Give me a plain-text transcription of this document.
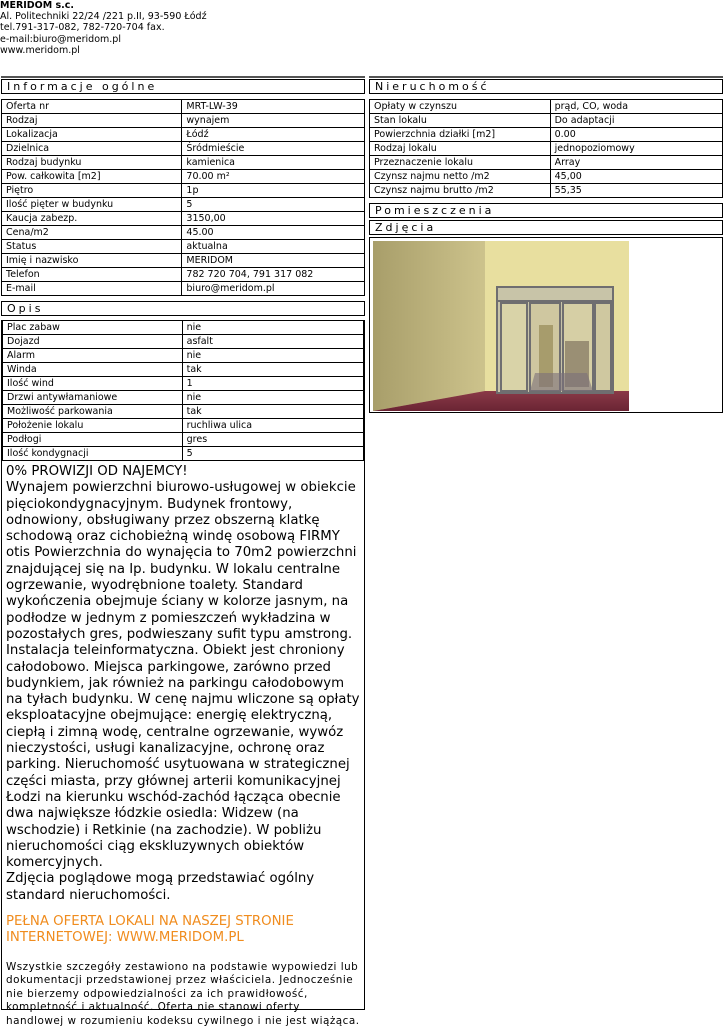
MERIDOM s.c.
Al. Politechniki 22/24 /221 p.II, 93-590 Łódź
tel.791-317-082, 782-720-704 fax.
e-mail:biuro@meridom.pl
www.meridom.pl
Informacje ogólne
Oferta nr	MRT-LW-39
Rodzaj	wynajem
Lokalizacja	Łódź
Dzielnica	Śródmieście
Rodzaj budynku	kamienica
Pow. całkowita [m2]	70.00 m²
Piętro	1p
Ilość pięter w budynku	5
Kaucja zabezp.	3150,00
Cena/m2	45.00
Status	aktualna
Imię i nazwisko	MERIDOM
Telefon	782 720 704, 791 317 082
E-mail	biuro@meridom.pl
Opis
Plac zabaw	nie
Dojazd	asfalt
Alarm	nie
Winda	tak
Ilość wind	1
Drzwi antywłamaniowe	nie
Możliwość parkowania	tak
Położenie lokalu	ruchliwa ulica
Podłogi	gres
Ilość kondygnacji	5
0% PROWIZJI OD NAJEMCY!
Wynajem powierzchni biurowo-usługowej w obiekcie pięciokondygnacyjnym. Budynek frontowy, odnowiony, obsługiwany przez obszerną klatkę schodową oraz cichobieżną windę osobową FIRMY otis Powierzchnia do wynajęcia to 70m2 powierzchni znajdującej się na Ip. budynku. W lokalu centralne ogrzewanie, wyodrębnione toalety. Standard wykończenia obejmuje ściany w kolorze jasnym, na podłodze w jednym z pomieszczeń wykładzina w pozostałych gres, podwieszany sufit typu amstrong. Instalacja teleinformatyczna. Obiekt jest chroniony całodobowo. Miejsca parkingowe, zarówno przed budynkiem, jak również na parkingu całodobowym na tyłach budynku. W cenę najmu wliczone są opłaty eksploatacyjne obejmujące: energię elektryczną, ciepłą i zimną wodę, centralne ogrzewanie, wywóz nieczystości, usługi kanalizacyjne, ochronę oraz parking. Nieruchomość usytuowana w strategicznej części miasta, przy głównej arterii komunikacyjnej Łodzi na kierunku wschód-zachód łącząca obecnie dwa największe łódzkie osiedla: Widzew (na wschodzie) i Retkinie (na zachodzie). W pobliżu nieruchomości ciąg ekskluzywnych obiektów komercyjnych.
Zdjęcia poglądowe mogą przedstawiać ogólny standard nieruchomości.
PEŁNA OFERTA LOKALI NA NASZEJ STRONIE INTERNETOWEJ: WWW.MERIDOM.PL
Wszystkie szczegóły zestawiono na podstawie wypowiedzi lub dokumentacji przedstawionej przez właściciela. Jednocześnie nie bierzemy odpowiedzialności za ich prawidłowość, kompletność i aktualność. Oferta nie stanowi oferty handlowej w rozumieniu kodeksu cywilnego i nie jest wiążąca.
Nieruchomość
Opłaty w czynszu	prąd, CO, woda
Stan lokalu	Do adaptacji
Powierzchnia działki [m2]	0.00
Rodzaj lokalu	jednopoziomowy
Przeznaczenie lokalu	Array
Czynsz najmu netto /m2	45,00
Czynsz najmu brutto /m2	55,35
Pomieszczenia
Zdjęcia
